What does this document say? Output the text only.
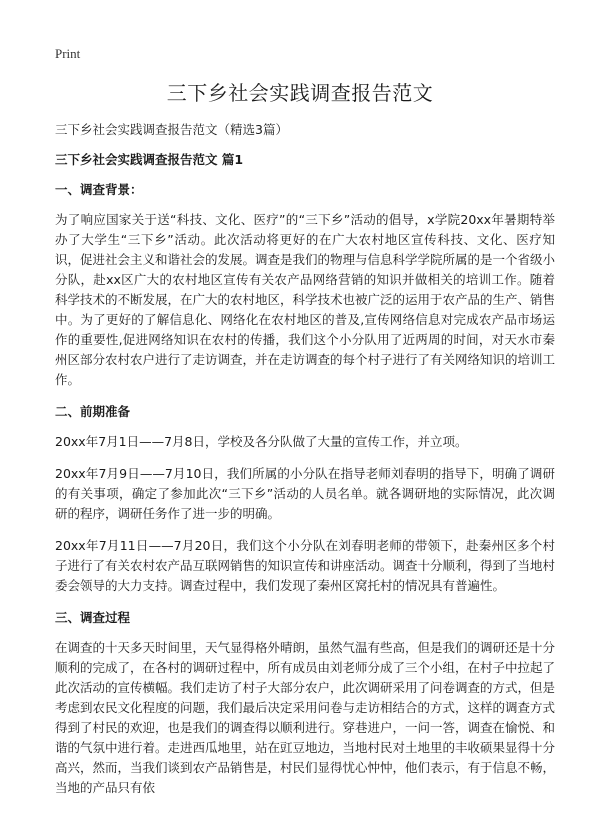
Print
三下乡社会实践调查报告范文

三下乡社会实践调查报告范文（精选3篇）

三下乡社会实践调查报告范文 篇1
一、调查背景：

为了响应国家关于送“科技、文化、医疗”的“三下乡”活动的倡导，x学院20xx年暑期特举办了大学生“三下乡”活动。此次活动将更好的在广大农村地区宣传科技、文化、医疗知识，促进社会主义和谐社会的发展。调查是我们的物理与信息科学学院所属的是一个省级小分队，赴xx区广大的农村地区宣传有关农产品网络营销的知识并做相关的培训工作。随着科学技术的不断发展，在广大的农村地区，科学技术也被广泛的运用于农产品的生产、销售中。为了更好的了解信息化、网络化在农村地区的普及,宣传网络信息对完成农产品市场运作的重要性,促进网络知识在农村的传播，我们这个小分队用了近两周的时间，对天水市秦州区部分农村农户进行了走访调查，并在走访调查的每个村子进行了有关网络知识的培训工作。

二、前期准备

20xx年7月1日——7月8日，学校及各分队做了大量的宣传工作，并立项。

20xx年7月9日——7月10日，我们所属的小分队在指导老师刘春明的指导下，明确了调研的有关事项，确定了参加此次“三下乡”活动的人员名单。就各调研地的实际情况，此次调研的程序，调研任务作了进一步的明确。

20xx年7月11日——7月20日，我们这个小分队在刘春明老师的带领下，赴秦州区多个村子进行了有关农村农产品互联网销售的知识宣传和讲座活动。调查十分顺利，得到了当地村委会领导的大力支持。调查过程中，我们发现了秦州区窝托村的情况具有普遍性。

三、调查过程

在调查的十天多天时间里，天气显得格外晴朗，虽然气温有些高，但是我们的调研还是十分顺利的完成了，在各村的调研过程中，所有成员由刘老师分成了三个小组，在村子中拉起了此次活动的宣传横幅。我们走访了村子大部分农户，此次调研采用了问卷调查的方式，但是考虑到农民文化程度的问题，我们最后决定采用问卷与走访相结合的方式，这样的调查方式得到了村民的欢迎，也是我们的调查得以顺利进行。穿巷进户，一问一答，调查在愉悦、和谐的气氛中进行着。走进西瓜地里，站在豇豆地边，当地村民对土地里的丰收硕果显得十分高兴，然而，当我们谈到农产品销售是，村民们显得忧心忡忡，他们表示，有于信息不畅，当地的产品只有依
